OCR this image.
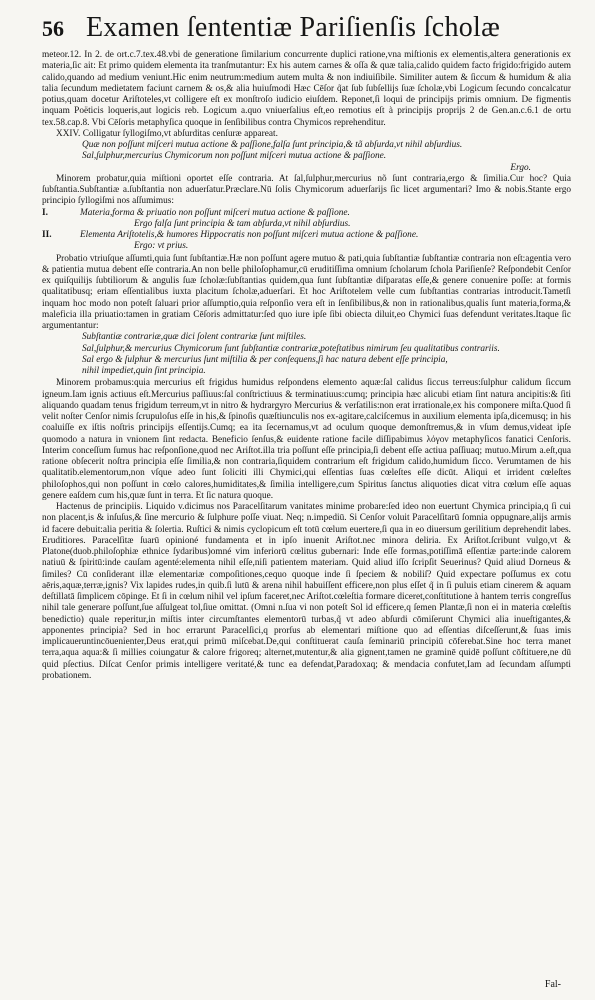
56 Examen ſententiæ Pariſienſis ſcholæ

meteor.12. In 2. de ort.c.7.tex.48.vbi de generatione ſimilarium concurrente duplici ratione,vna miſtionis ex elementis,altera generationis ex materia,ſic ait: Et primo quidem elementa ita tranſmutantur: Ex his autem carnes & oſſa & quæ talia,calido quidem facto frigido:frigido autem calido,quando ad medium veniunt.Hic enim neutrum:medium autem multa & non indiuiſibile. Similiter autem & ſiccum & humidum & alia talia ſecundum medietatem faciunt carnem & os,& alia huiuſmodi Hæc Cēſor q̃at ſub ſubſellijs ſuæ ſcholæ,vbi Logicum ſecundo concalcatur potius,quam docetur Ariſtoteles,vt colligere eſt ex monſtroſo iudicio eiuſdem. Reponet,ſi loqui de principijs primis omnium. De figmentis inquam Poëticis loqueris,aut logicis reb. Logicum a.quo vniuerſalius eſt,eo remotius eſt à principijs proprijs 2 de Gen.an.c.6.1 de ortu tex.58.cap.8. Vbi Cēſoris metaphyſica quoque in ſenſibilibus contra Chymicos reprehenditur.

XXIV. Colligatur ſyllogiſmo,vt abſurditas cenſuræ appareat.

Quæ non poſſunt miſceri mutua actione & paſſione,falſa ſunt principia,& tã abſurda,vt nihil abſurdius.

Sal,ſulphur,mercurius Chymicorum non poſſunt miſceri mutua actione & paſſione.

Ergo.

Minorem probatur,quia miſtioni oportet eſſe contraria. At ſal,ſulphur,mercurius nõ ſunt contraria,ergo & ſimilia.Cur hoc? Quia ſubſtantia.Subſtantiæ a.ſubſtantia non aduerſatur.Præclare.Nū ſolis Chymicorum aduerſarijs ſic licet argumentari? Imo & nobis.Stante ergo principio ſyllogiſmi nos aſſumimus:

I.	Materia,forma & priuatio non poſſunt miſceri mutua actione & paſſione.

Ergo falſa ſunt principia & tam abſurda,vt nihil abſurdius.

II.	Elementa Ariſtotelis,& humores Hippocratis non poſſunt miſceri mutua actione & paſſione.

Ergo: vt prius.

Probatio vtriuſque aſſumti,quia ſunt ſubſtantiæ.Hæ non poſſunt agere mutuo & pati,quia ſubſtantiæ ſubſtantiæ contraria non eſt:agentia vero & patientia mutua debent eſſe contraria.An non belle philoſophamur,cū eruditiſſima omnium ſcholarum ſchola Pariſienſe? Reſpondebit Cenſor ex quiſquilijs ſubtiliorum & angulis ſuæ ſcholæ:ſubſtantias quidem,qua ſunt ſubſtantiæ diſparatas eſſe,& genere conuenire poſſe: at formis qualitatibusq; eriam eſſentialibus iuxta placitum ſcholæ,aduerſari. Et hoc Ariſtotelem velle cum ſubſtantias contrarias introducit.Tametſi inquam hoc modo non poteſt ſaluari prior aſſumptio,quia reſponſio vera eſt in ſenſibilibus,& non in rationalibus,qualis ſunt materia,forma,& maleficia illa priuatio:tamen in gratiam Cēſoris admittatur:ſed quo iure ipſe ſibi obiecta diluit,eo Chymici ſuas defendunt veritates.Itaque ſic argumentantur:

Subſtantiæ contrariæ,quæ dici ſolent contrariæ ſunt miſtiles.

Sal,ſulphur,& mercurius Chymicorum ſunt ſubſtantiæ contrariæ,poteſtatibus nimirum ſeu qualitatibus contrariis.

Sal ergo & ſulphur & mercurius ſunt miſtilia & per conſequens,ſi hac natura debent eſſe principia,

nihil impediet,quin ſint principia.

Minorem probamus:quia mercurius eſt frigidus humidus reſpondens elemento aquæ:ſal calidus ſiccus terreus:ſulphur calidum ſiccum igneum.Iam ignis actiuus eſt.Mercurius paſſiuus:ſal conſtrictiuus & terminatiuus:cumq; principia hæc alicubi etiam ſint natura ancipitis:& ſiti aliquando quadam tenus frigidum terreum,vt in nitro & hydrargyro Mercurius & verſatilis:non erat irrationale,ex his componere miſta.Quod ſi velit noſter Cenſor nimis ſcrupuloſus eſſe in his,& ſpinoſis quæſtiunculis nos ex-agitare,calciſcemus in auxilium elementa ipſa,dicemusq; in his coaluiſſe ex iſtis noſtris principijs eſſentijs.Cumq; ea ita ſecernamus,vt ad oculum quoque demonſtremus,& in vſum demus,videat ipſe quomodo a natura in vnionem ſint redacta. Beneficio ſenſus,& euidente ratione facile diſſipabimus λόγον metaphyſicos fanatici Cenſoris. Interim conceſſum ſumus hac reſponſione,quod nec Ariſtot.illa tria poſſunt eſſe principia,ſi debent eſſe actiua paſſiuaq; mutuo.Mirum a.eſt,qua ratione obſecerit noſtra principia eſſe ſimilia,& non contraria,ſiquidem contrarium eſt frigidum calido,humidum ſicco. Verumtamen de his qualitatib.elementorum,non vſque adeo ſunt ſoliciti illi Chymici,qui eſſentias ſuas cœleſtes eſſe dicūt. Aliqui et irrident cœleſtes philoſophos,qui non poſſunt in cœlo calores,humiditates,& ſimilia intelligere,cum Spiritus ſanctus aliquoties dicat vitra cœlum eſſe aquas genere eaſdem cum his,quæ ſunt in terra. Et ſic natura quoque.

Hactenus de principiis. Liquido v.dicimus nos Paracelſitarum vanitates minime probare:ſed ideo non euertunt Chymica principia,q ſi cui non placent,is & inſuſus,& ſine mercurio & ſulphure poſſe viuat. Neq; n.impediū. Si Cenſor voluit Paracelſitarū ſomnia oppugnare,alijs armis id facere debuit:alia peritia & ſolertia. Ruſtici & nimis cyclopicum eſt totū cœlum euertere,ſi qua in eo diuersum gerilitium deprehendit labes. Eruditiores. Paracelſitæ ſuarū opinioné fundamenta et in ipſo inuenit Ariſtot.nec minora deliria. Ex Ariſtot.ſcribunt vulgo,vt & Platone(duob.philoſophiæ ethnice ſydaribus)omné vim inferiorū cœlitus gubernari: Inde eſſe formas,potiſſimā eſſentiæ parte:inde calorem natiuū & ſpiritū:inde cauſam agenté:elementa nihil eſſe,niſi patientem materiam. Quid aliud iſſo ſcripſit Seuerinus? Quid aliud Dorneus & ſimiles? Cū conſiderant illæ elementariæ compoſitiones,cequo quoque inde ſi ſpeciem & nobiliſ? Quid expectare poſſumus ex cotu aēris,aquæ,terræ,ignis? Vix lapides rudes,in quib.ſi lutū & arena nihil habuiſſent efficere,non plus eſſet q̃ in ſi puluis etiam cinerem & aquam deſtillatā ſimplicem cōpinge. Et ſi in cœlum nihil vel ipſum faceret,nec Ariſtot.cœleſtia formare diceret,conſtitutione à hantem terris congreſſus nihil tale generare poſſunt,ſue aſſulgeat tol,ſiue omittat. (Omni n.ſua vi non poteſt Sol id efficere,q ſemen Plantæ,ſi non ei in materia cœleſtis benedictio) quale reperitur,in miſtis inter circumſtantes elementorū turbas,q̃ vt adeo abſurdi cōmiſerunt Chymici alia inueſtigantes,& apponentes principia? Sed in hoc errarunt Paracelſici,q prorſus ab elementari miſtione quo ad eſſentias diſceſſerunt,& ſuas imis implicaueruntincōuenienter,Deus erat,qui primū miſcebat.De,qui conſtituerat cauſa ſeminariū principiū cōferebat.Sine hoc terra manet terra,aqua aqua:& ſi millies coiungatur & calore frigoreq; alternet,mutentur,& alia gignent,tamen ne graminē quidē poſſunt cōſtituere,ne dū quid pſectius. Diſcat Cenſor primis intelligere veritaté,& tunc ea defendat,Paradoxaq; & mendacia confutet,Iam ad ſecundam aſſumpti probationem.

Fal-
